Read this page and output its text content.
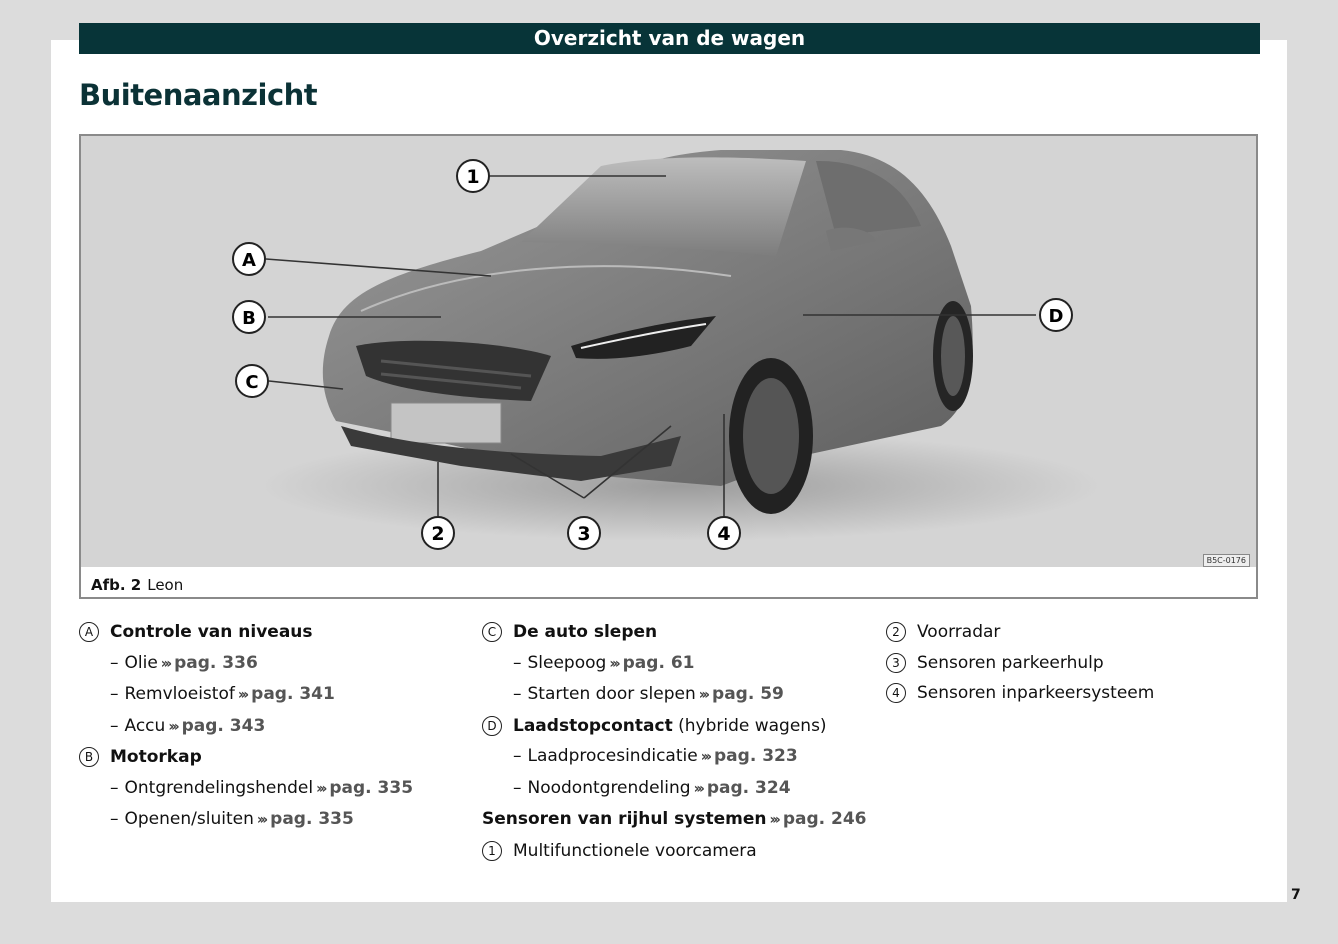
Overzicht van de wagen
Buitenaanzicht
1
A
B
C
D
2	3	4
B5C-0176
Afb. 2 Leon
A Controle van niveaus
– Olie ››› pag. 336
– Remvloeistof ››› pag. 341
– Accu ››› pag. 343
B Motorkap
– Ontgrendelingshendel ››› pag. 335
– Openen/sluiten ››› pag. 335
C De auto slepen
– Sleepoog ››› pag. 61
– Starten door slepen ››› pag. 59
D Laadstopcontact (hybride wagens)
– Laadprocesindicatie ››› pag. 323
– Noodontgrendeling ››› pag. 324
Sensoren van rijhul systemen ››› pag. 246
1 Multifunctionele voorcamera
2 Voorradar
3 Sensoren parkeerhulp
4 Sensoren inparkeersysteem
7
